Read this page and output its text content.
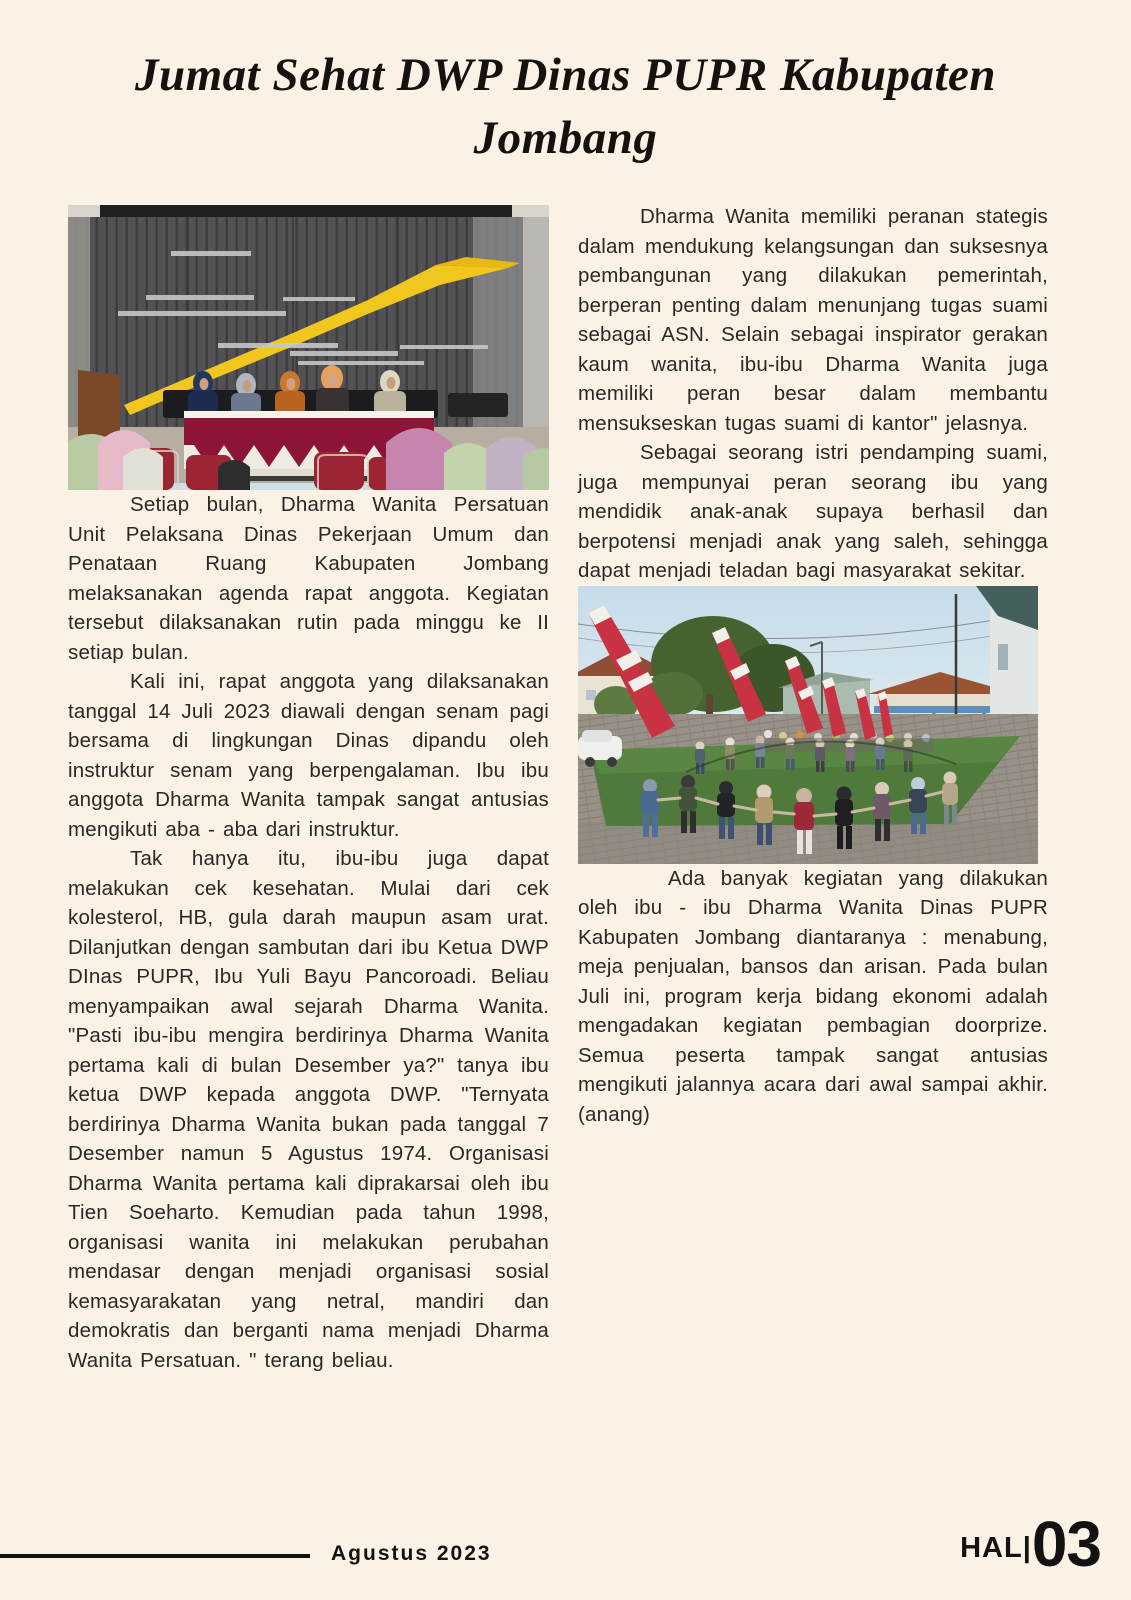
Jumat Sehat DWP Dinas PUPR Kabupaten
Jombang

Setiap bulan, Dharma Wanita Persatuan Unit Pelaksana Dinas Pekerjaan Umum dan Penataan Ruang Kabupaten Jombang melaksanakan agenda rapat anggota. Kegiatan tersebut dilaksanakan rutin pada minggu ke II setiap bulan.

Kali ini, rapat anggota yang dilaksanakan tanggal 14 Juli 2023 diawali dengan senam pagi bersama di lingkungan Dinas dipandu oleh instruktur senam yang berpengalaman. Ibu ibu anggota Dharma Wanita tampak sangat antusias mengikuti aba - aba dari instruktur.

Tak hanya itu, ibu-ibu juga dapat melakukan cek kesehatan. Mulai dari cek kolesterol, HB, gula darah maupun asam urat. Dilanjutkan dengan sambutan dari ibu Ketua DWP DInas PUPR, Ibu Yuli Bayu Pancoroadi. Beliau menyampaikan awal sejarah Dharma Wanita. "Pasti ibu-ibu mengira berdirinya Dharma Wanita pertama kali di bulan Desember ya?" tanya ibu ketua DWP kepada anggota DWP. "Ternyata berdirinya Dharma Wanita bukan pada tanggal 7 Desember namun 5 Agustus 1974. Organisasi Dharma Wanita pertama kali diprakarsai oleh ibu Tien Soeharto. Kemudian pada tahun 1998, organisasi wanita ini melakukan perubahan mendasar dengan menjadi organisasi sosial kemasyarakatan yang netral, mandiri dan demokratis dan berganti nama menjadi Dharma Wanita Persatuan. " terang beliau.

Dharma Wanita memiliki peranan stategis dalam mendukung kelangsungan dan suksesnya pembangunan yang dilakukan pemerintah, berperan penting dalam menunjang tugas suami sebagai ASN. Selain sebagai inspirator gerakan kaum wanita, ibu-ibu Dharma Wanita juga memiliki peran besar dalam membantu mensukseskan tugas suami di kantor" jelasnya.

Sebagai seorang istri pendamping suami, juga mempunyai peran seorang ibu yang mendidik anak-anak supaya berhasil dan berpotensi menjadi anak yang saleh, sehingga dapat menjadi teladan bagi masyarakat sekitar.

Ada banyak kegiatan yang dilakukan oleh ibu - ibu Dharma Wanita Dinas PUPR Kabupaten Jombang diantaranya : menabung, meja penjualan, bansos dan arisan. Pada bulan Juli ini, program kerja bidang ekonomi adalah mengadakan kegiatan pembagian doorprize. Semua peserta tampak sangat antusias mengikuti jalannya acara dari awal sampai akhir. (anang)

Agustus 2023	HAL| 03
